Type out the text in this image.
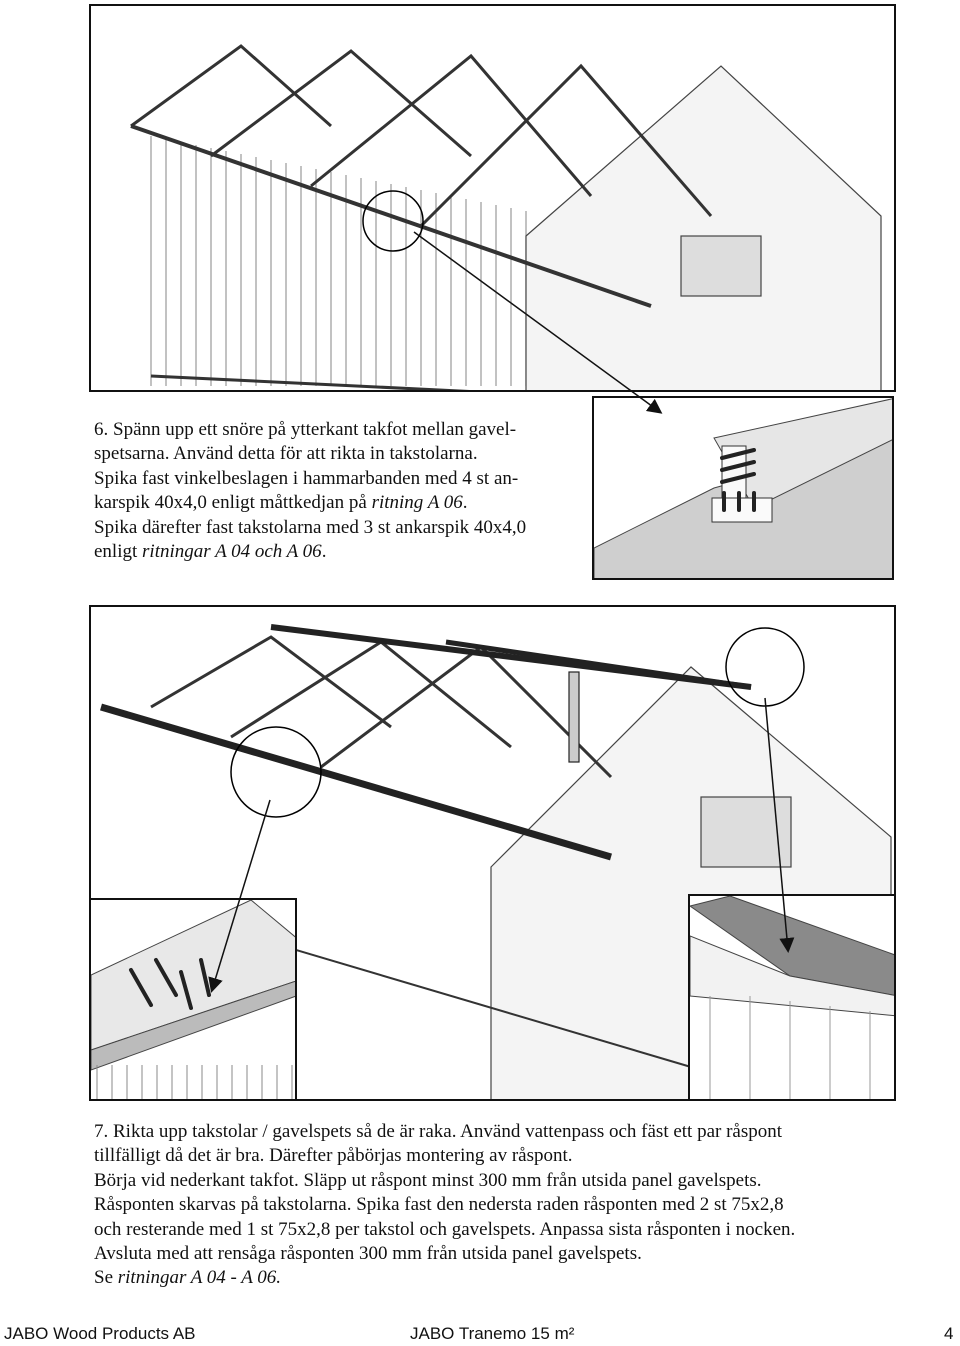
6. Spänn upp ett snöre på ytterkant takfot mellan gavel-

spetsarna. Använd detta för att rikta in takstolarna.

Spika fast vinkelbeslagen i hammarbanden med 4 st an-

karspik 40x4,0 enligt måttkedjan på ritning A 06.

Spika därefter fast takstolarna med 3 st ankarspik 40x4,0

enligt ritningar A 04 och A 06.

7. Rikta upp takstolar / gavelspets så de är raka. Använd vattenpass och fäst ett par råspont

tillfälligt då det är bra. Därefter påbörjas montering av råspont.

Börja vid nederkant takfot. Släpp ut råspont minst 300 mm från utsida panel gavelspets.

Råsponten skarvas på takstolarna. Spika fast den nedersta raden råsponten med 2 st 75x2,8

och resterande med 1 st 75x2,8 per takstol och gavelspets. Anpassa sista råsponten i nocken.

Avsluta med att rensåga råsponten 300 mm från utsida panel gavelspets.

Se ritningar A 04 - A 06.

JABO Wood Products AB	JABO Tranemo 15 m²	4
